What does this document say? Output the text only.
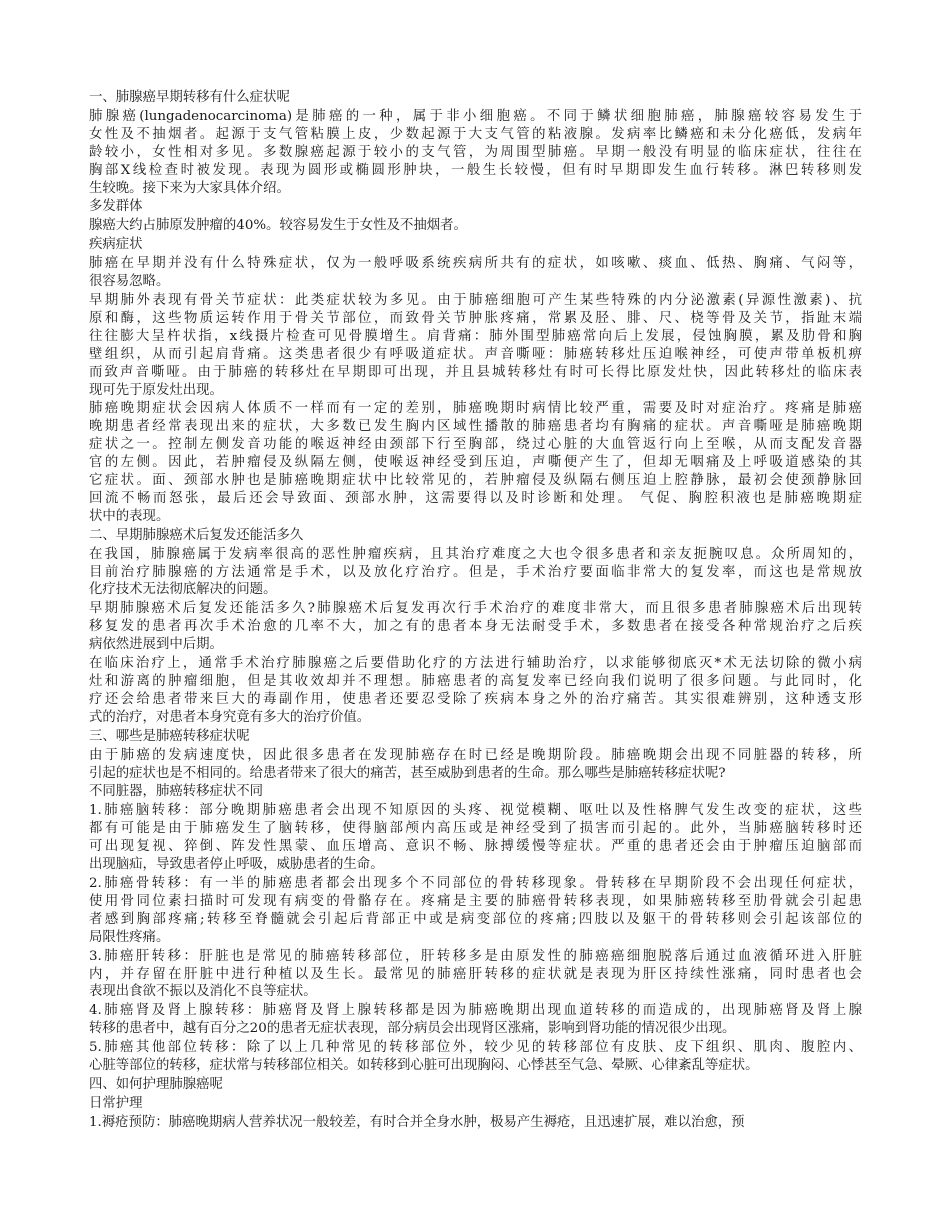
一、肺腺癌早期转移有什么症状呢
肺腺癌(lungadenocarcinoma)是肺癌的一种，属于非小细胞癌。不同于鳞状细胞肺癌，肺腺癌较容易发生于
女性及不抽烟者。起源于支气管粘膜上皮，少数起源于大支气管的粘液腺。发病率比鳞癌和未分化癌低，发病年
龄较小，女性相对多见。多数腺癌起源于较小的支气管，为周围型肺癌。早期一般没有明显的临床症状，往往在
胸部X线检查时被发现。表现为圆形或椭圆形肿块，一般生长较慢，但有时早期即发生血行转移。淋巴转移则发
生较晚。接下来为大家具体介绍。
多发群体
腺癌大约占肺原发肿瘤的40%。较容易发生于女性及不抽烟者。
疾病症状
肺癌在早期并没有什么特殊症状，仅为一般呼吸系统疾病所共有的症状，如咳嗽、痰血、低热、胸痛、气闷等，
很容易忽略。
早期肺外表现有骨关节症状：此类症状较为多见。由于肺癌细胞可产生某些特殊的内分泌激素(异源性激素)、抗
原和酶，这些物质运转作用于骨关节部位，而致骨关节肿胀疼痛，常累及胫、腓、尺、桡等骨及关节，指趾末端
往往膨大呈杵状指，x线摄片检查可见骨膜增生。肩背痛：肺外围型肺癌常向后上发展，侵蚀胸膜，累及肋骨和胸
壁组织，从而引起肩背痛。这类患者很少有呼吸道症状。声音嘶哑：肺癌转移灶压迫喉神经，可使声带单板机痹
而致声音嘶哑。由于肺癌的转移灶在早期即可出现，并且县城转移灶有时可长得比原发灶快，因此转移灶的临床表
现可先于原发灶出现。
肺癌晚期症状会因病人体质不一样而有一定的差别，肺癌晚期时病情比较严重，需要及时对症治疗。疼痛是肺癌
晚期患者经常表现出来的症状，大多数已发生胸内区域性播散的肺癌患者均有胸痛的症状。声音嘶哑是肺癌晚期
症状之一。控制左侧发音功能的喉返神经由颈部下行至胸部，绕过心脏的大血管返行向上至喉，从而支配发音器
官的左侧。因此，若肿瘤侵及纵隔左侧，使喉返神经受到压迫，声嘶便产生了，但却无咽痛及上呼吸道感染的其
它症状。面、颈部水肿也是肺癌晚期症状中比较常见的，若肿瘤侵及纵隔右侧压迫上腔静脉，最初会使颈静脉回
回流不畅而怒张，最后还会导致面、颈部水肿，这需要得以及时诊断和处理。 气促、胸腔积液也是肺癌晚期症
状中的表现。
二、早期肺腺癌术后复发还能活多久
在我国，肺腺癌属于发病率很高的恶性肿瘤疾病，且其治疗难度之大也令很多患者和亲友扼腕叹息。众所周知的，
目前治疗肺腺癌的方法通常是手术，以及放化疗治疗。但是，手术治疗要面临非常大的复发率，而这也是常规放
化疗技术无法彻底解决的问题。
早期肺腺癌术后复发还能活多久?肺腺癌术后复发再次行手术治疗的难度非常大，而且很多患者肺腺癌术后出现转
移复发的患者再次手术治愈的几率不大，加之有的患者本身无法耐受手术，多数患者在接受各种常规治疗之后疾
病依然进展到中后期。
在临床治疗上，通常手术治疗肺腺癌之后要借助化疗的方法进行辅助治疗，以求能够彻底灭*术无法切除的微小病
灶和游离的肿瘤细胞，但是其收效却并不理想。肺癌患者的高复发率已经向我们说明了很多问题。与此同时，化
疗还会给患者带来巨大的毒副作用，使患者还要忍受除了疾病本身之外的治疗痛苦。其实很难辨别，这种透支形
式的治疗，对患者本身究竟有多大的治疗价值。
三、哪些是肺癌转移症状呢
由于肺癌的发病速度快，因此很多患者在发现肺癌存在时已经是晚期阶段。肺癌晚期会出现不同脏器的转移，所
引起的症状也是不相同的。给患者带来了很大的痛苦，甚至威胁到患者的生命。那么哪些是肺癌转移症状呢?
不同脏器，肺癌转移症状不同
1.肺癌脑转移：部分晚期肺癌患者会出现不知原因的头疼、视觉模糊、呕吐以及性格脾气发生改变的症状，这些
都有可能是由于肺癌发生了脑转移，使得脑部颅内高压或是神经受到了损害而引起的。此外，当肺癌脑转移时还
可出现复视、猝倒、阵发性黑蒙、血压增高、意识不畅、脉搏缓慢等症状。严重的患者还会由于肿瘤压迫脑部而
出现脑疝，导致患者停止呼吸，威胁患者的生命。
2.肺癌骨转移：有一半的肺癌患者都会出现多个不同部位的骨转移现象。骨转移在早期阶段不会出现任何症状，
使用骨同位素扫描时可发现有病变的骨骼存在。疼痛是主要的肺癌骨转移表现，如果肺癌转移至肋骨就会引起患
者感到胸部疼痛;转移至脊髓就会引起后背部正中或是病变部位的疼痛;四肢以及躯干的骨转移则会引起该部位的
局限性疼痛。
3.肺癌肝转移：肝脏也是常见的肺癌转移部位，肝转移多是由原发性的肺癌癌细胞脱落后通过血液循环进入肝脏
内，并存留在肝脏中进行种植以及生长。最常见的肺癌肝转移的症状就是表现为肝区持续性涨痛，同时患者也会
表现出食欲不振以及消化不良等症状。
4.肺癌肾及肾上腺转移：肺癌肾及肾上腺转移都是因为肺癌晚期出现血道转移的而造成的，出现肺癌肾及肾上腺
转移的患者中，越有百分之20的患者无症状表现，部分病员会出现肾区涨痛，影响到肾功能的情况很少出现。
5.肺癌其他部位转移：除了以上几种常见的转移部位外，较少见的转移部位有皮肤、皮下组织、肌肉、腹腔内、
心脏等部位的转移，症状常与转移部位相关。如转移到心脏可出现胸闷、心悸甚至气急、晕厥、心律紊乱等症状。
四、如何护理肺腺癌呢
日常护理
1.褥疮预防：肺癌晚期病人营养状况一般较差，有时合并全身水肿，极易产生褥疮，且迅速扩展，难以治愈，预
